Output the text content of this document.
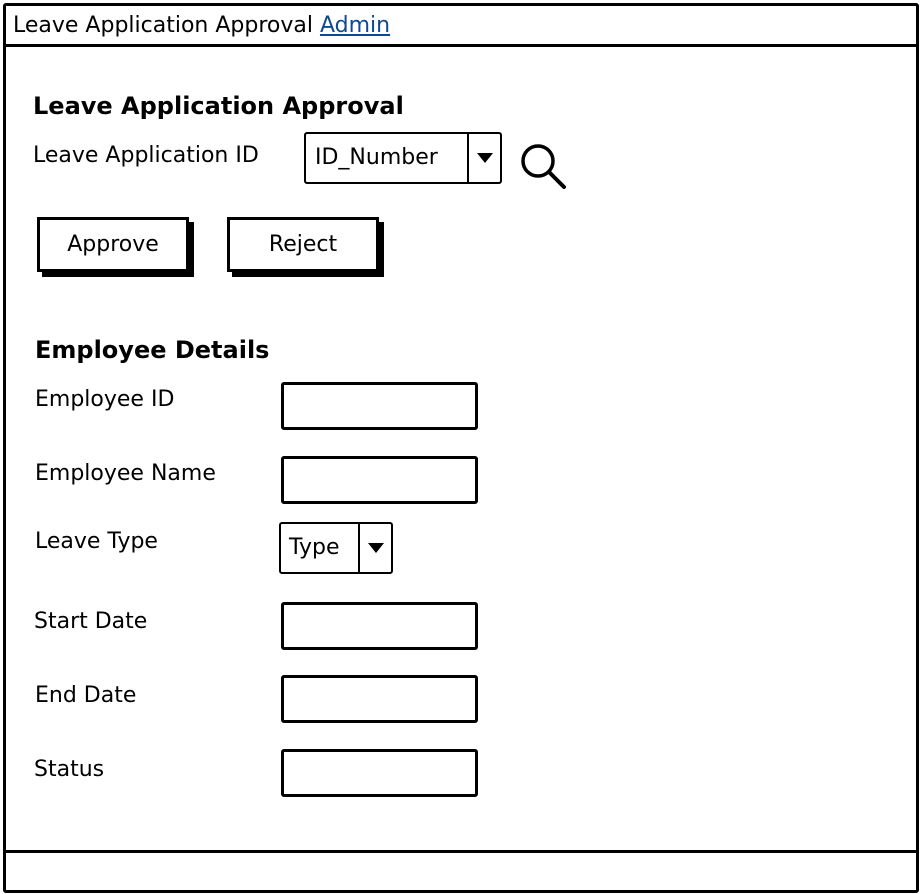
Leave Application Approval Admin
Leave Application Approval
Leave Application ID	ID_Number
Approve	Reject
Employee Details
Employee ID
Employee Name
Leave Type	Type
Start Date
End Date
Status
